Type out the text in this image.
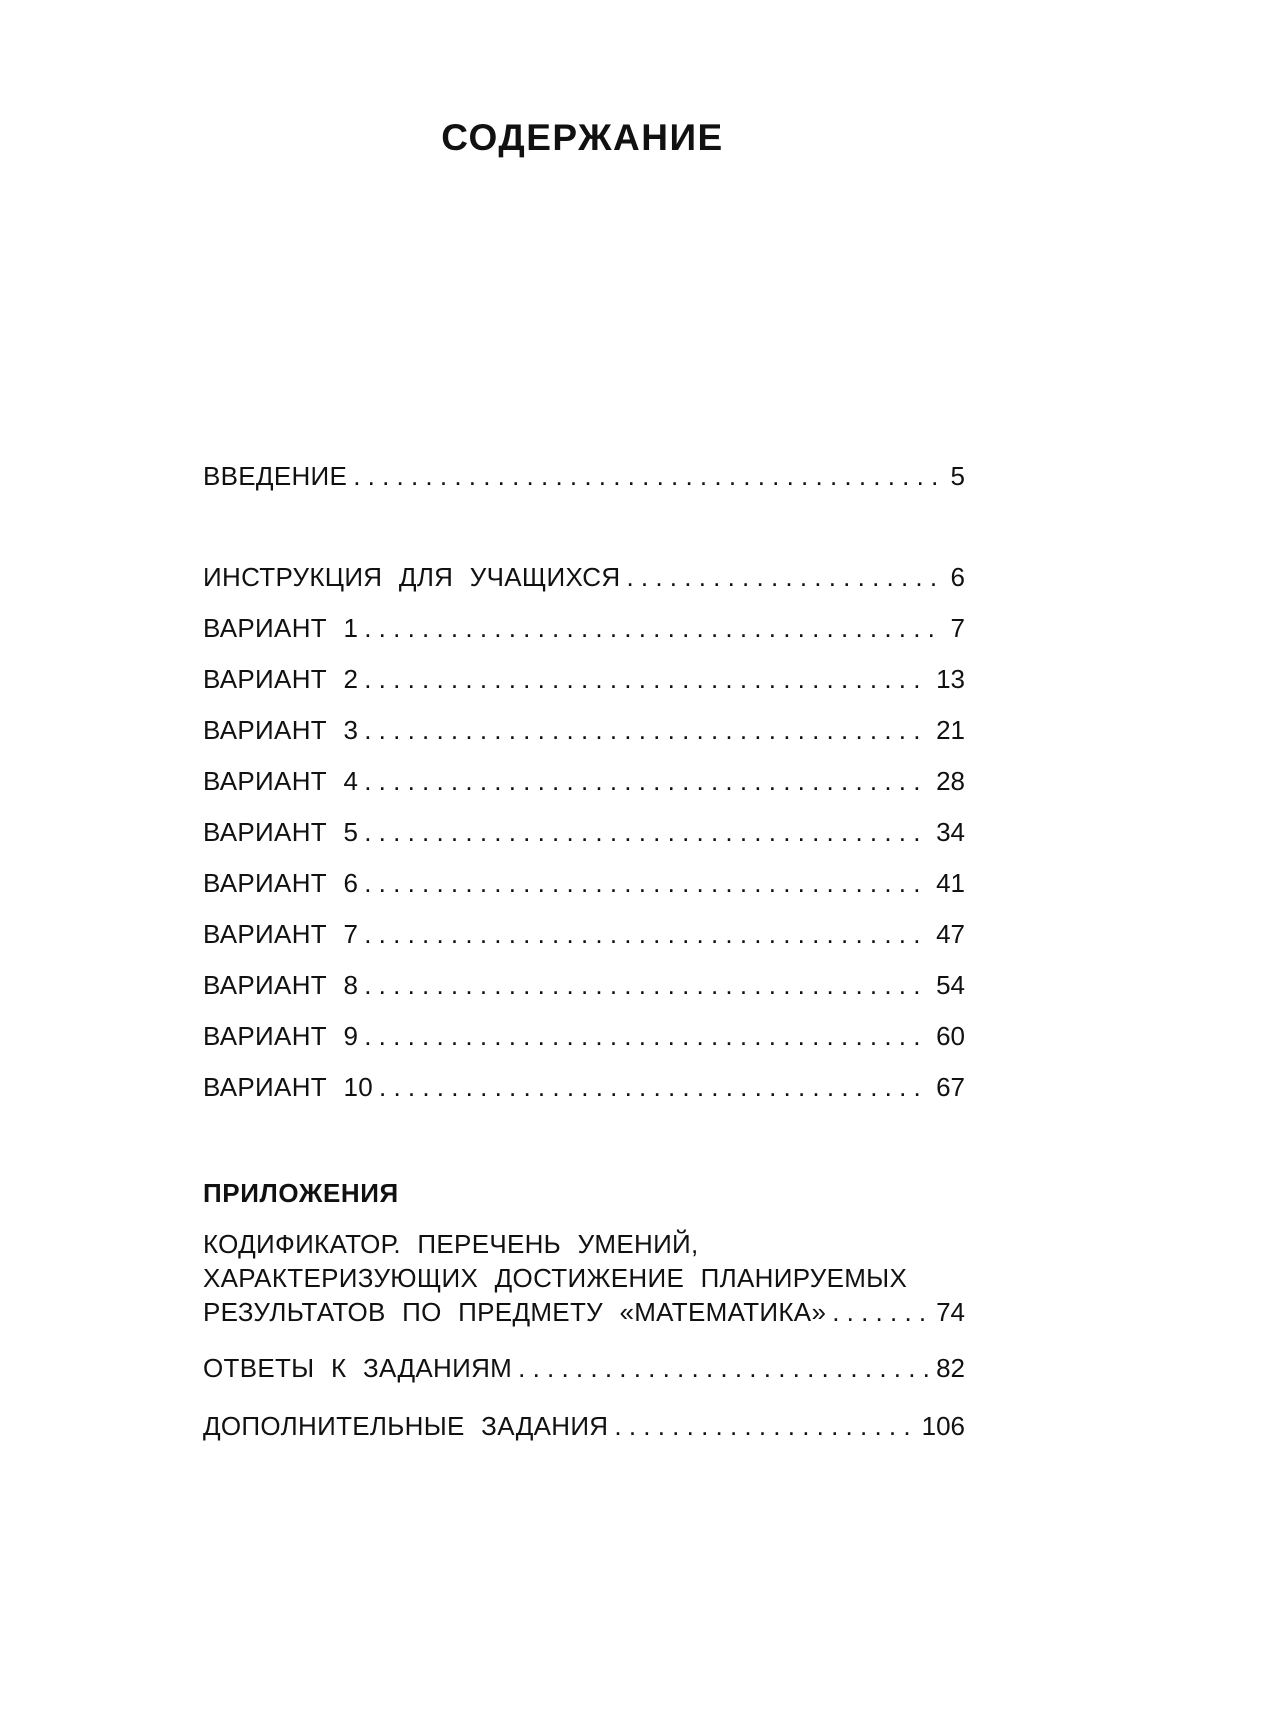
СОДЕРЖАНИЕ
ВВЕДЕНИЕ . . .	5
ИНСТРУКЦИЯ ДЛЯ УЧАЩИХСЯ . . .	6
ВАРИАНТ 1 . . .	7
ВАРИАНТ 2 . . .	13
ВАРИАНТ 3 . . .	21
ВАРИАНТ 4 . . .	28
ВАРИАНТ 5 . . .	34
ВАРИАНТ 6 . . .	41
ВАРИАНТ 7 . . .	47
ВАРИАНТ 8 . . .	54
ВАРИАНТ 9 . . .	60
ВАРИАНТ 10 . . .	67
ПРИЛОЖЕНИЯ
КОДИФИКАТОР. ПЕРЕЧЕНЬ УМЕНИЙ,
ХАРАКТЕРИЗУЮЩИХ ДОСТИЖЕНИЕ ПЛАНИРУЕМЫХ
РЕЗУЛЬТАТОВ ПО ПРЕДМЕТУ «МАТЕМАТИКА» . . .	74
ОТВЕТЫ К ЗАДАНИЯМ . . .	82
ДОПОЛНИТЕЛЬНЫЕ ЗАДАНИЯ . . .	106
